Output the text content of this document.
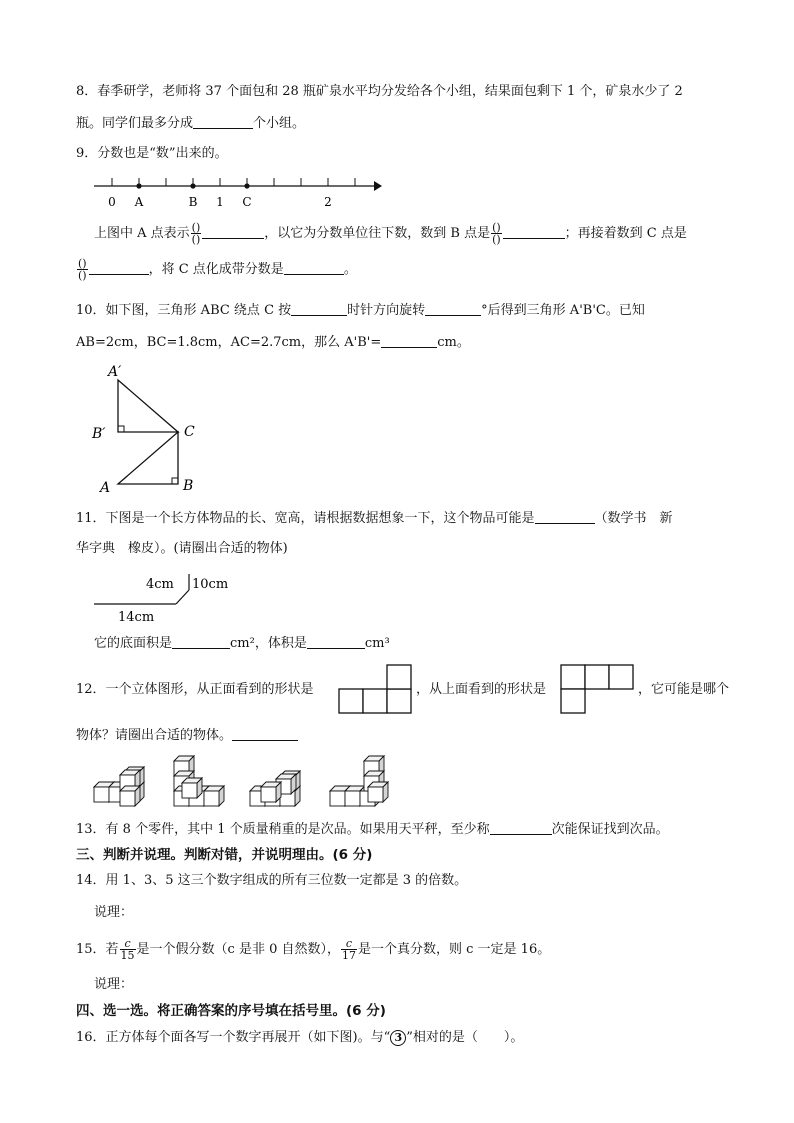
8．春季研学，老师将 37 个面包和 28 瓶矿泉水平均分发给各个小组，结果面包剩下 1 个，矿泉水少了 2
瓶。同学们最多分成	个小组。
9．分数也是“数”出来的。
0 A	B 1 C	2
上图中 A 点表示 $\frac{()}{()}$	，以它为分数单位往下数，数到 B 点是 $\frac{()}{()}$	；再接着数到 C 点是
$\frac{()}{()}$	，将 C 点化成带分数是	。
10．如下图，三角形 ABC 绕点 C 按	时针方向旋转	°后得到三角形 A'B'C。已知
AB=2cm，BC=1.8cm，AC=2.7cm，那么 A'B'=	cm。
A′
B′	C
A	B
11．下图是一个长方体物品的长、宽高，请根据数据想象一下，这个物品可能是	（数学书　新
华字典　橡皮）。(请圈出合适的物体)
4cm 10cm
14cm
它的底面积是	cm²，体积是	cm³
12．一个立体图形，从正面看到的形状是	，从上面看到的形状是	，它可能是哪个
物体？请圈出合适的物体。
13．有 8 个零件，其中 1 个质量稍重的是次品。如果用天平秤，至少称	次能保证找到次品。
三、判断并说理。判断对错，并说明理由。(6 分)
14．用 1、3、5 这三个数字组成的所有三位数一定都是 3 的倍数。
说理：
15．若 $\frac{c}{15}$ 是一个假分数（c 是非 0 自然数）， $\frac{c}{17}$ 是一个真分数，则 c 一定是 16。
说理：
四、选一选。将正确答案的序号填在括号里。(6 分)
16．正方体每个面各写一个数字再展开（如下图)。与“ 3 ”相对的是（　　）。
